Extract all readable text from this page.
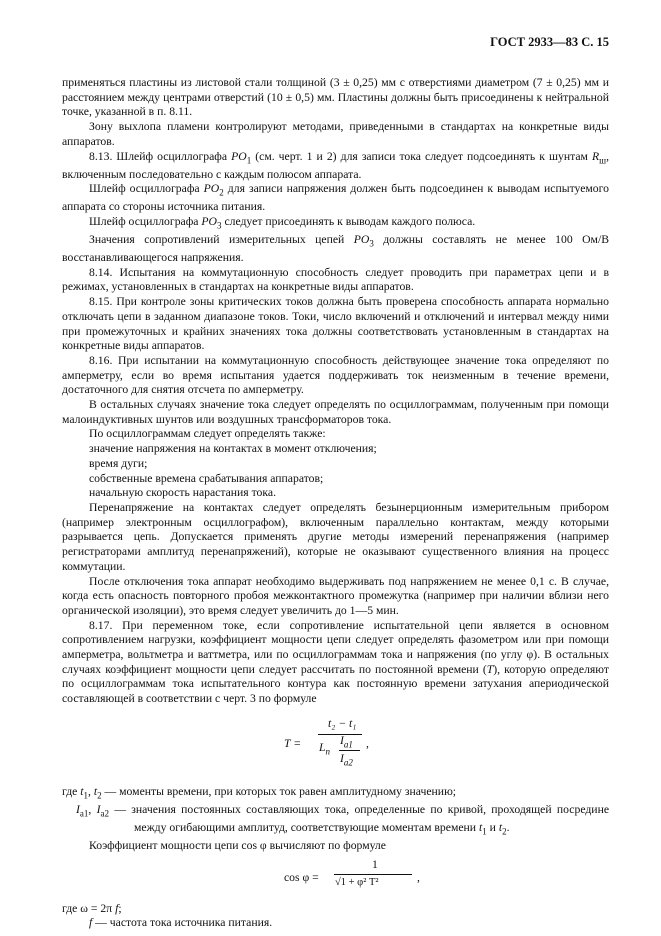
ГОСТ 2933—83 С. 15

применяться пластины из листовой стали толщиной (3 ± 0,25) мм с отверстиями диаметром (7 ± 0,25) мм и расстоянием между центрами отверстий (10 ± 0,5) мм. Пластины должны быть присоединены к нейтральной точке, указанной в п. 8.11.

Зону выхлопа пламени контролируют методами, приведенными в стандартах на конкретные виды аппаратов.

8.13. Шлейф осциллографа $PO_1$ (см. черт. 1 и 2) для записи тока следует подсоединять к шунтам $R_ш$, включенным последовательно с каждым полюсом аппарата.

Шлейф осциллографа $PO_2$ для записи напряжения должен быть подсоединен к выводам испытуемого аппарата со стороны источника питания.

Шлейф осциллографа $PO_3$ следует присоединять к выводам каждого полюса.

Значения сопротивлений измерительных цепей $PO_3$ должны составлять не менее 100 Ом/В восстанавливающегося напряжения.

8.14. Испытания на коммутационную способность следует проводить при параметрах цепи и в режимах, установленных в стандартах на конкретные виды аппаратов.

8.15. При контроле зоны критических токов должна быть проверена способность аппарата нормально отключать цепи в заданном диапазоне токов. Токи, число включений и отключений и интервал между ними при промежуточных и крайних значениях тока должны соответствовать установленным в стандартах на конкретные виды аппаратов.

8.16. При испытании на коммутационную способность действующее значение тока определяют по амперметру, если во время испытания удается поддерживать ток неизменным в течение времени, достаточного для снятия отсчета по амперметру.

В остальных случаях значение тока следует определять по осциллограммам, полученным при помощи малоиндуктивных шунтов или воздушных трансформаторов тока.

По осциллограммам следует определять также:

значение напряжения на контактах в момент отключения;

время дуги;

собственные времена срабатывания аппаратов;

начальную скорость нарастания тока.

Перенапряжение на контактах следует определять безынерционным измерительным прибором (например электронным осциллографом), включенным параллельно контактам, между которыми разрывается цепь. Допускается применять другие методы измерений перенапряжения (например регистраторами амплитуд перенапряжений), которые не оказывают существенного влияния на процесс коммутации.

После отключения тока аппарат необходимо выдерживать под напряжением не менее 0,1 с. В случае, когда есть опасность повторного пробоя межконтактного промежутка (например при наличии вблизи него органической изоляции), это время следует увеличить до 1—5 мин.

8.17. При переменном токе, если сопротивление испытательной цепи является в основном сопротивлением нагрузки, коэффициент мощности цепи следует определять фазометром или при помощи амперметра, вольтметра и ваттметра, или по осциллограммам тока и напряжения (по углу φ). В остальных случаях коэффициент мощности цепи следует рассчитать по постоянной времени (T), которую определяют по осциллограммам тока испытательного контура как постоянную времени затухания апериодической составляющей в соответствии с черт. 3 по формуле

T =
t₂ − t₁
$L_n$
$I_{a1}$
$I_{a2}$
,

где $t_1$, $t_2$ — моменты времени, при которых ток равен амплитудному значению;

$I_{a1}$, $I_{a2}$ — значения постоянных составляющих тока, определенные по кривой, проходящей посредине между огибающими амплитуд, соответствующие моментам времени $t_1$ и $t_2$.

Коэффициент мощности цепи cos φ вычисляют по формуле

cos φ =
1
√1 + φ² T²	,

где ω = 2π f;

f — частота тока источника питания.
